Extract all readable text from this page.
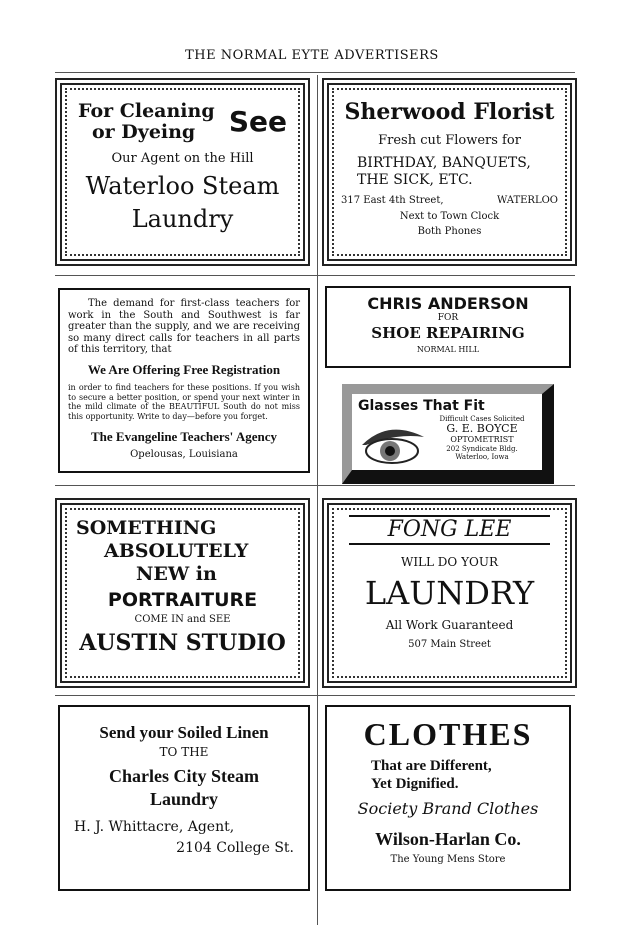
THE NORMAL EYTE ADVERTISERS
For Cleaning
or Dyeing	See

Our Agent on the Hill

Waterloo Steam

Laundry

Sherwood Florist

Fresh cut Flowers for

BIRTHDAY, BANQUETS,

THE SICK, ETC.

317 East 4th Street,	WATERLOO

Next to Town Clock

Both Phones

The demand for first-class teachers for work in the South and Southwest is far greater than the supply, and we are receiving so many direct calls for teachers in all parts of this territory, that

We Are Offering Free Registration

in order to find teachers for these positions. If you wish to secure a better position, or spend your next winter in the mild climate of the BEAUTIFUL South do not miss this opportunity. Write to day—before you forget.

The Evangeline Teachers' Agency

Opelousas, Louisiana

CHRIS ANDERSON

FOR

SHOE REPAIRING

NORMAL HILL

Glasses That Fit

Difficult Cases Solicited
G. E. BOYCE
OPTOMETRIST
202 Syndicate Bldg.
Waterloo, Iowa

SOMETHING

ABSOLUTELY

NEW in

PORTRAITURE

COME IN and SEE

AUSTIN STUDIO

FONG LEE

WILL DO YOUR

LAUNDRY

All Work Guaranteed

507 Main Street

Send your Soiled Linen

TO THE

Charles City Steam

Laundry

H. J. Whittacre, Agent,

2104 College St.

CLOTHES

That are Different,

Yet Dignified.

Society Brand Clothes

Wilson-Harlan Co.

The Young Mens Store
